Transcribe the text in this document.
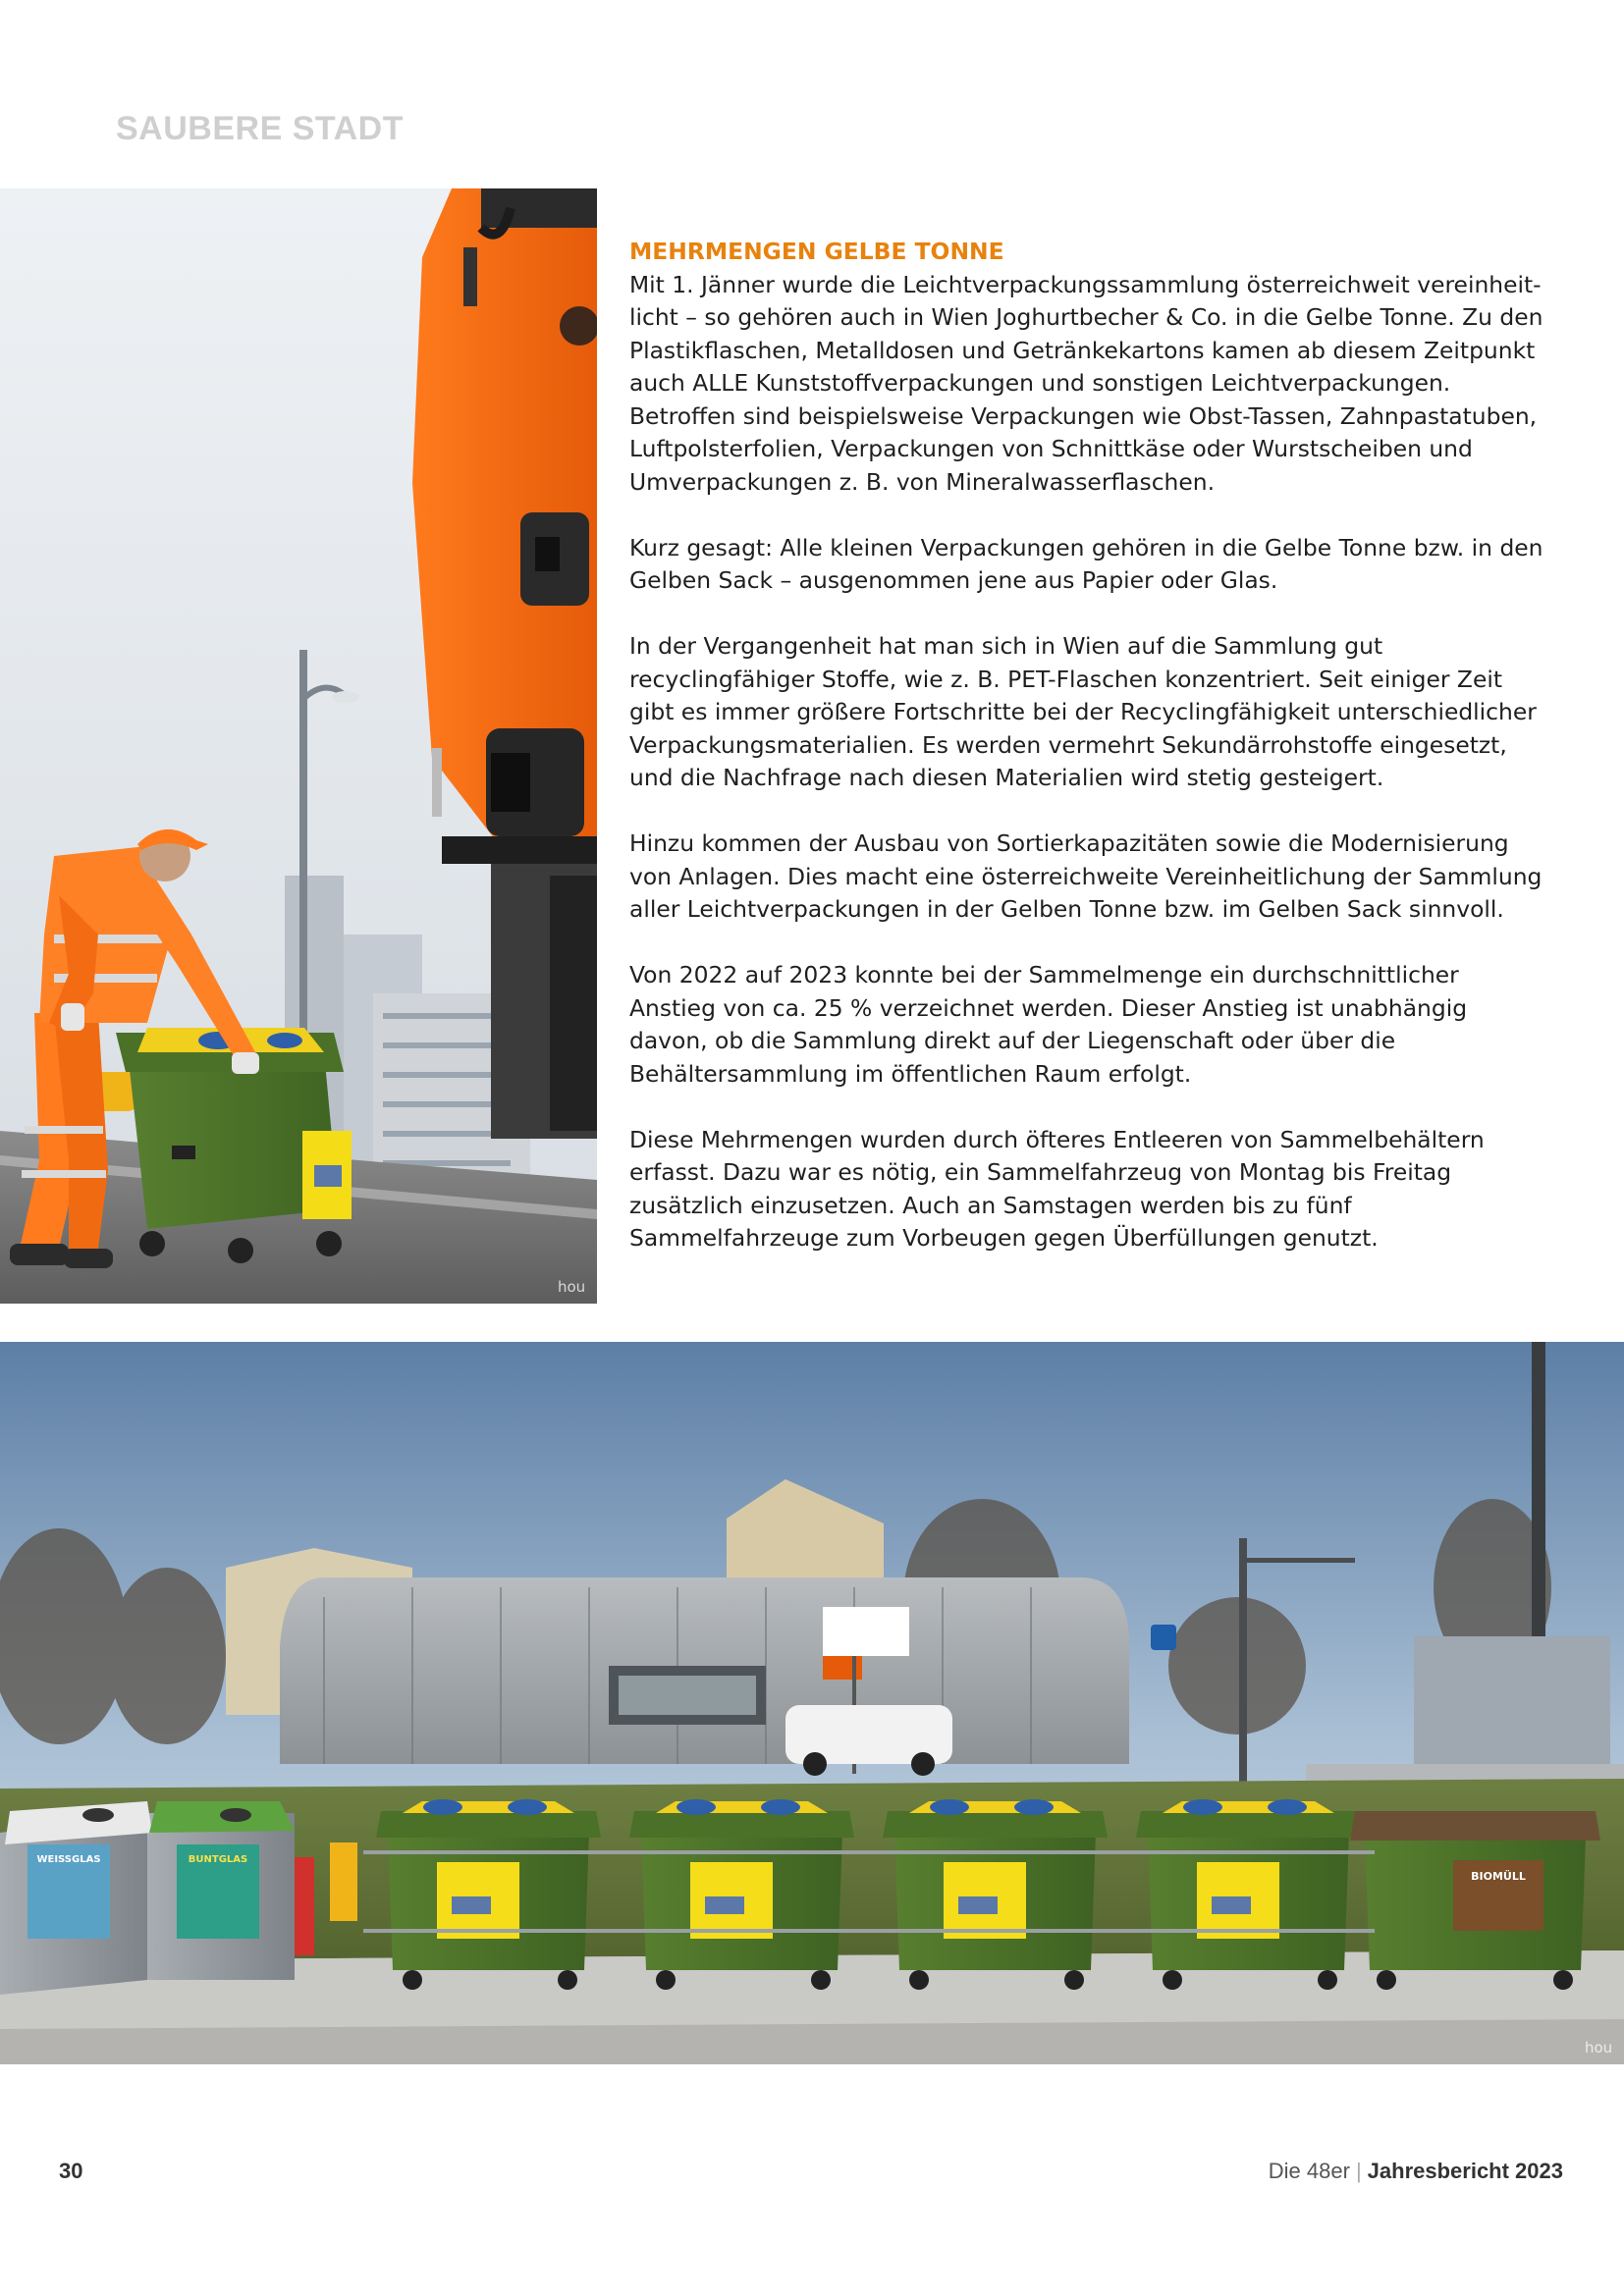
SAUBERE STADT
hou
MEHRMENGEN GELBE TONNE

Mit 1. Jänner wurde die Leichtverpackungssammlung österreichweit vereinheitlicht – so gehören auch in Wien Joghurtbecher & Co. in die Gelbe Tonne. Zu den Plastikflaschen, Metalldosen und Getränkekartons kamen ab diesem Zeitpunkt auch ALLE Kunststoffverpackungen und sonstigen Leichtverpackungen. Betroffen sind beispielsweise Verpackungen wie Obst-Tassen, Zahnpastatuben, Luftpolsterfolien, Verpackungen von Schnittkäse oder Wurstscheiben und Umverpackungen z. B. von Mineralwasserflaschen.

Kurz gesagt: Alle kleinen Verpackungen gehören in die Gelbe Tonne bzw. in den Gelben Sack – ausgenommen jene aus Papier oder Glas.

In der Vergangenheit hat man sich in Wien auf die Sammlung gut recyclingfähiger Stoffe, wie z. B. PET-Flaschen konzentriert. Seit einiger Zeit gibt es immer größere Fortschritte bei der Recyclingfähigkeit unterschiedlicher Verpackungsmaterialien. Es werden vermehrt Sekundärrohstoffe eingesetzt, und die Nachfrage nach diesen Materialien wird stetig gesteigert.

Hinzu kommen der Ausbau von Sortierkapazitäten sowie die Modernisierung von Anlagen. Dies macht eine österreichweite Vereinheitlichung der Sammlung aller Leichtverpackungen in der Gelben Tonne bzw. im Gelben Sack sinnvoll.

Von 2022 auf 2023 konnte bei der Sammelmenge ein durchschnittlicher Anstieg von ca. 25 % verzeichnet werden. Dieser Anstieg ist unabhängig davon, ob die Sammlung direkt auf der Liegenschaft oder über die Behältersammlung im öffentlichen Raum erfolgt.

Diese Mehrmengen wurden durch öfteres Entleeren von Sammelbehältern erfasst. Dazu war es nötig, ein Sammelfahrzeug von Montag bis Freitag zusätzlich einzusetzen. Auch an Samstagen werden bis zu fünf Sammelfahrzeuge zum Vorbeugen gegen Überfüllungen genutzt.

WEISSGLAS	BUNTGLAS
BIOMÜLL
hou
30	Die 48er | Jahresbericht 2023
